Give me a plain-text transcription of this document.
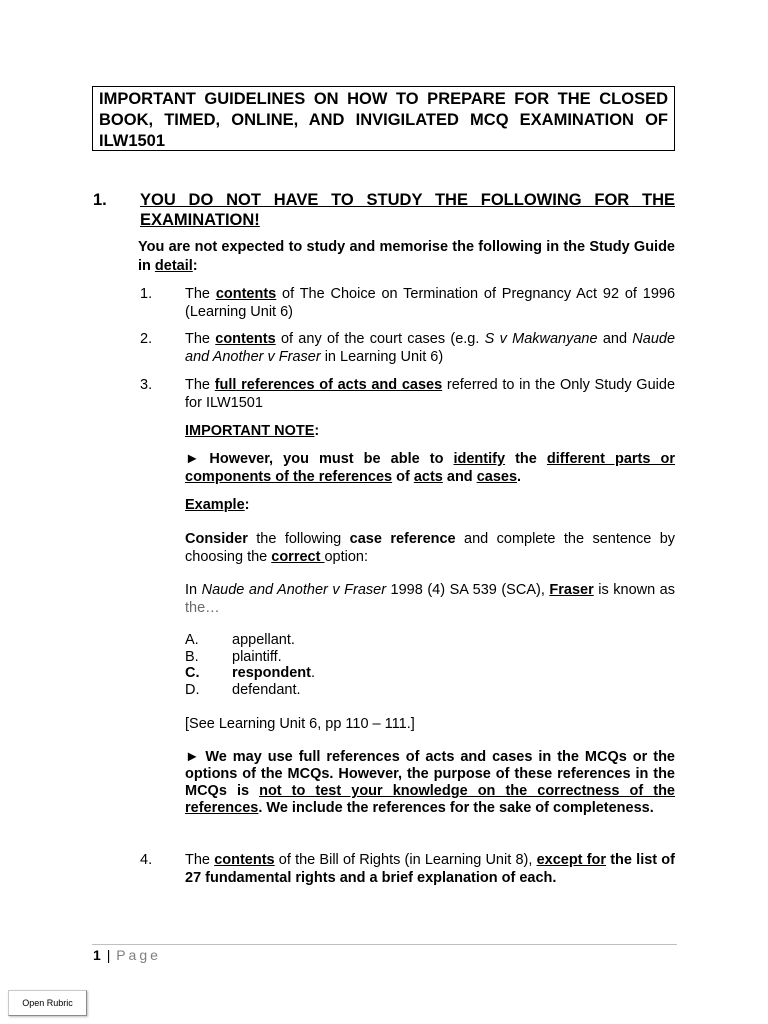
IMPORTANT GUIDELINES ON HOW TO PREPARE FOR THE CLOSED BOOK, TIMED, ONLINE, AND INVIGILATED MCQ EXAMINATION OF ILW1501
1. YOU DO NOT HAVE TO STUDY THE FOLLOWING FOR THE EXAMINATION!
You are not expected to study and memorise the following in the Study Guide in detail:
1. The contents of The Choice on Termination of Pregnancy Act 92 of 1996 (Learning Unit 6)
2. The contents of any of the court cases (e.g. S v Makwanyane and Naude and Another v Fraser in Learning Unit 6)
3. The full references of acts and cases referred to in the Only Study Guide for ILW1501
IMPORTANT NOTE:
► However, you must be able to identify the different parts or components of the references of acts and cases.
Example:
Consider the following case reference and complete the sentence by choosing the correct option:
In Naude and Another v Fraser 1998 (4) SA 539 (SCA), Fraser is known as the…
A. appellant.
B. plaintiff.
C. respondent.
D. defendant.
[See Learning Unit 6, pp 110 – 111.]
► We may use full references of acts and cases in the MCQs or the options of the MCQs. However, the purpose of these references in the MCQs is not to test your knowledge on the correctness of the references. We include the references for the sake of completeness.
4. The contents of the Bill of Rights (in Learning Unit 8), except for the list of 27 fundamental rights and a brief explanation of each.
1 | Page
Open Rubric
